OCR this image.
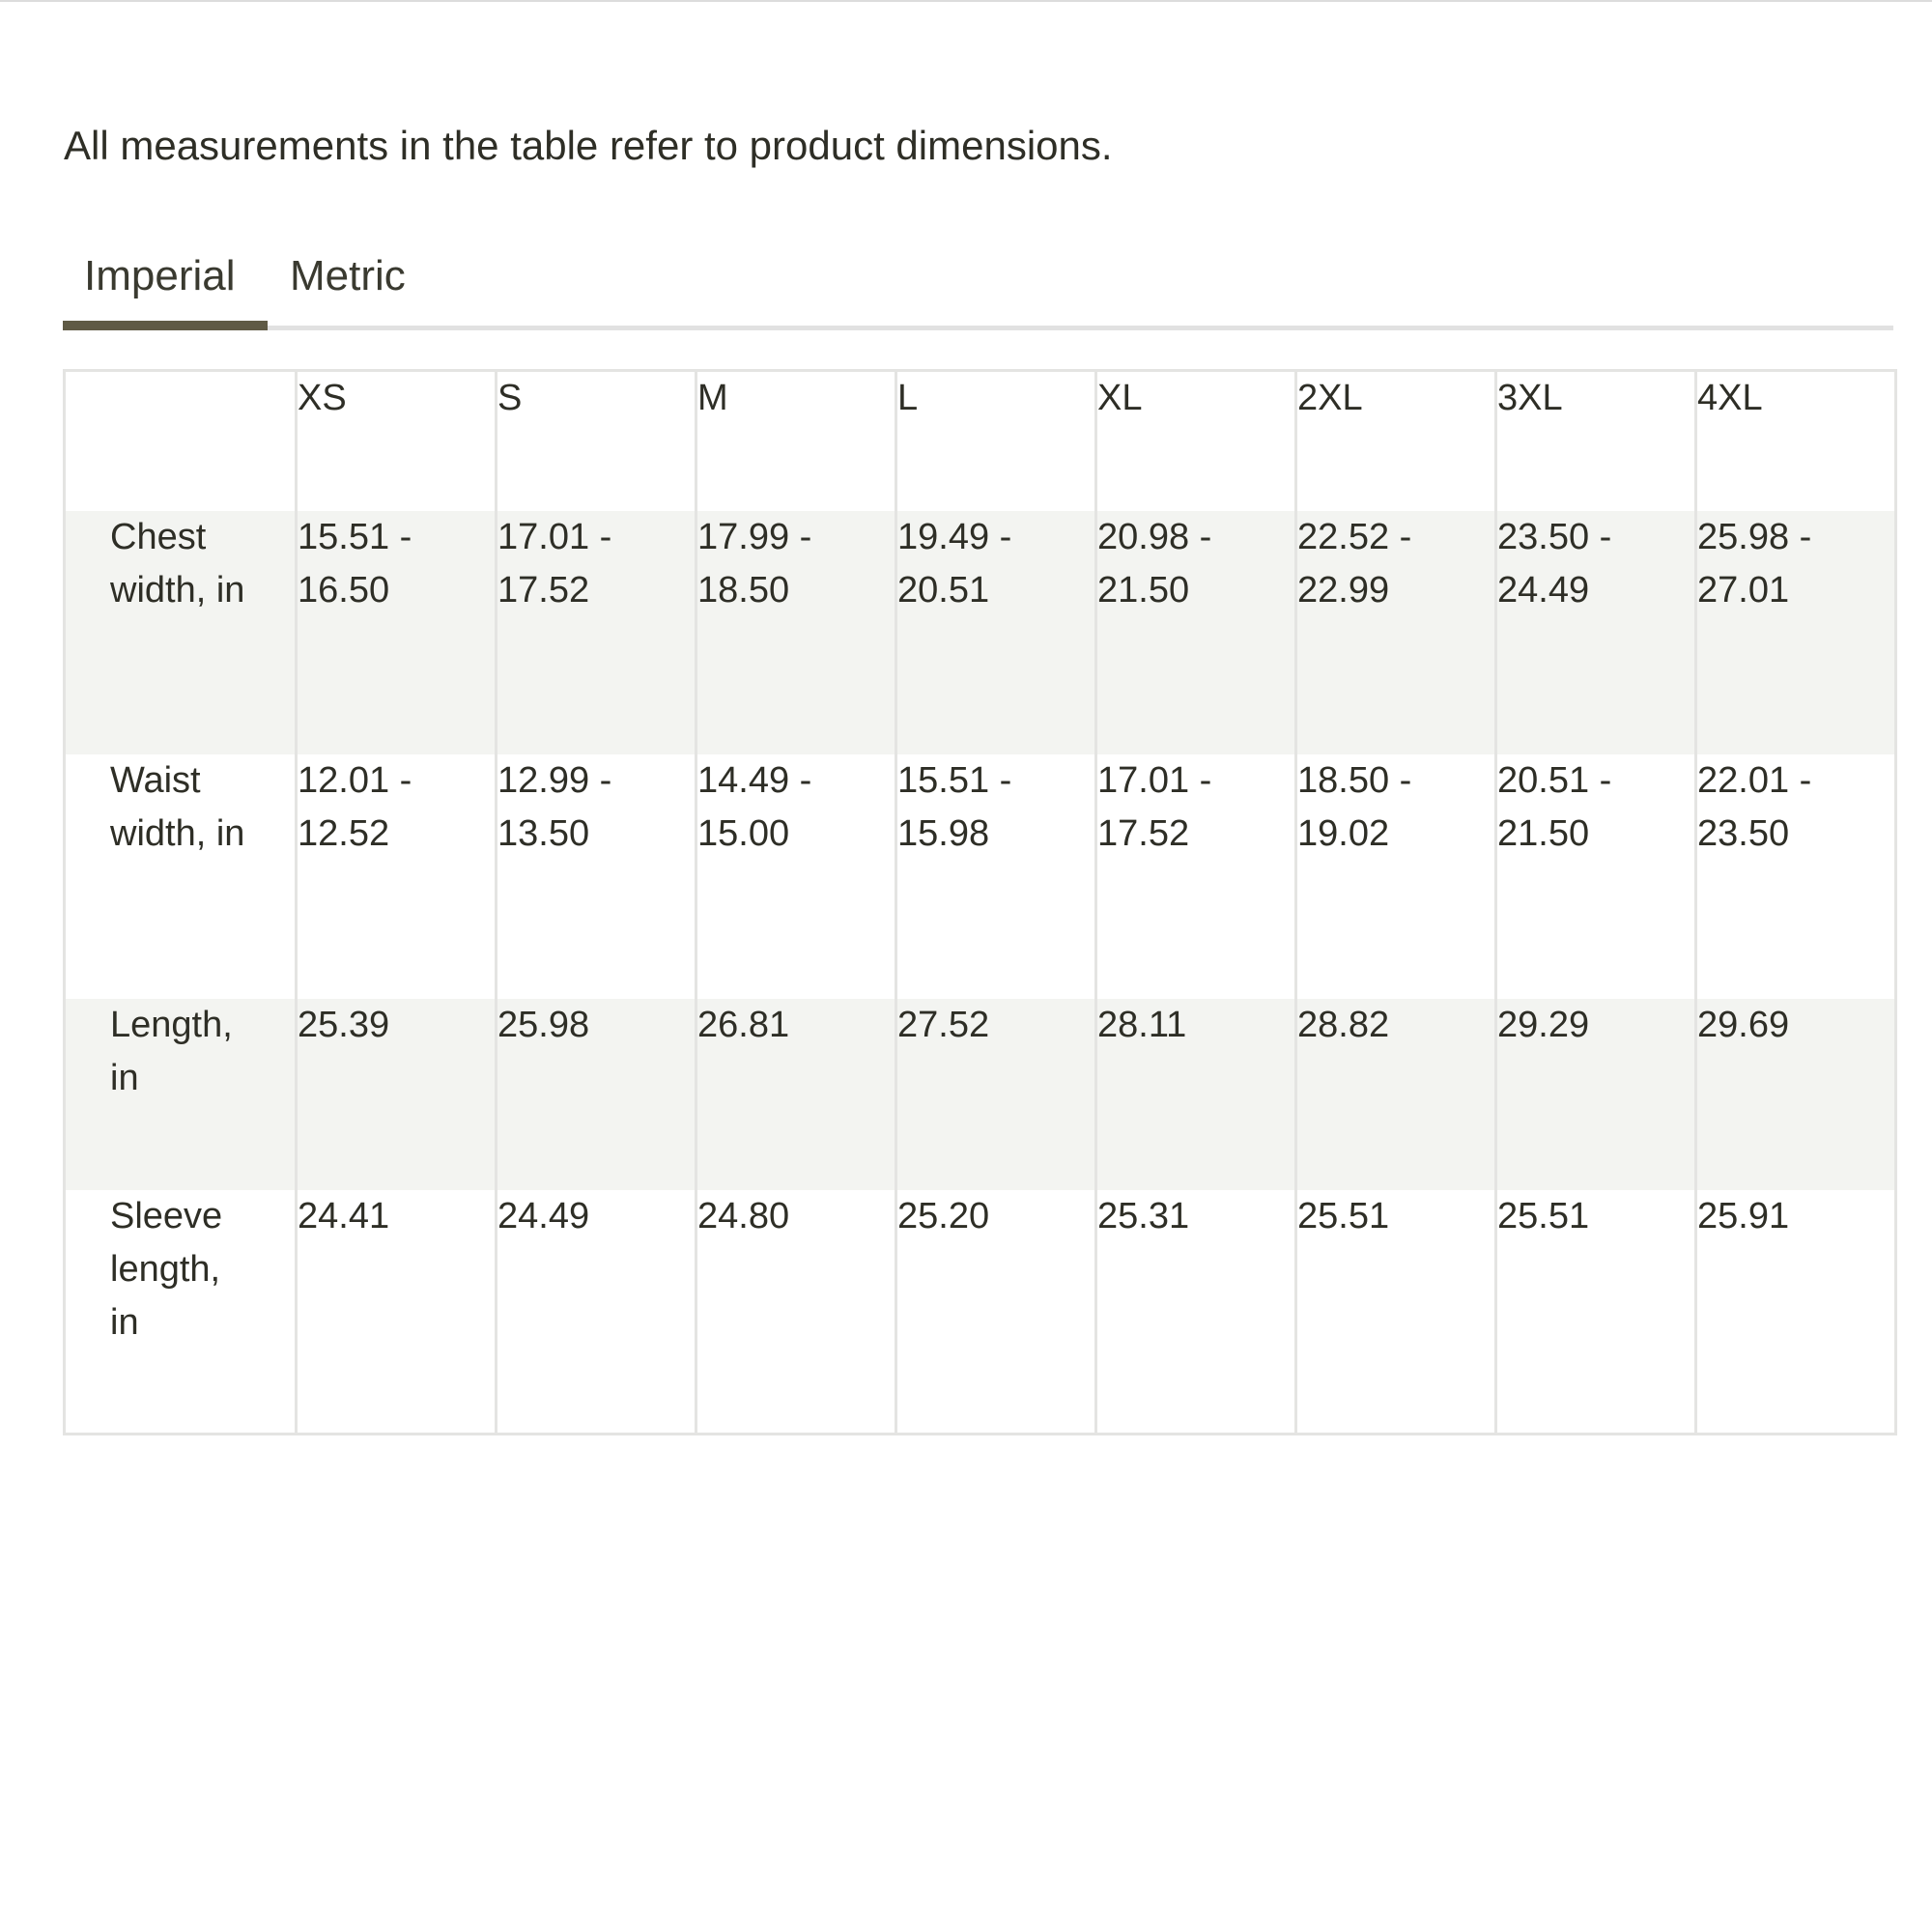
All measurements in the table refer to product dimensions.
Imperial	Metric
	XS	S	M	L	XL	2XL	3XL	4XL
Chest width, in	15.51 - 16.50	17.01 - 17.52	17.99 - 18.50	19.49 - 20.51	20.98 - 21.50	22.52 - 22.99	23.50 - 24.49	25.98 - 27.01
Waist width, in	12.01 - 12.52	12.99 - 13.50	14.49 - 15.00	15.51 - 15.98	17.01 - 17.52	18.50 - 19.02	20.51 - 21.50	22.01 - 23.50
Length, in	25.39	25.98	26.81	27.52	28.11	28.82	29.29	29.69
Sleeve length, in	24.41	24.49	24.80	25.20	25.31	25.51	25.51	25.91
